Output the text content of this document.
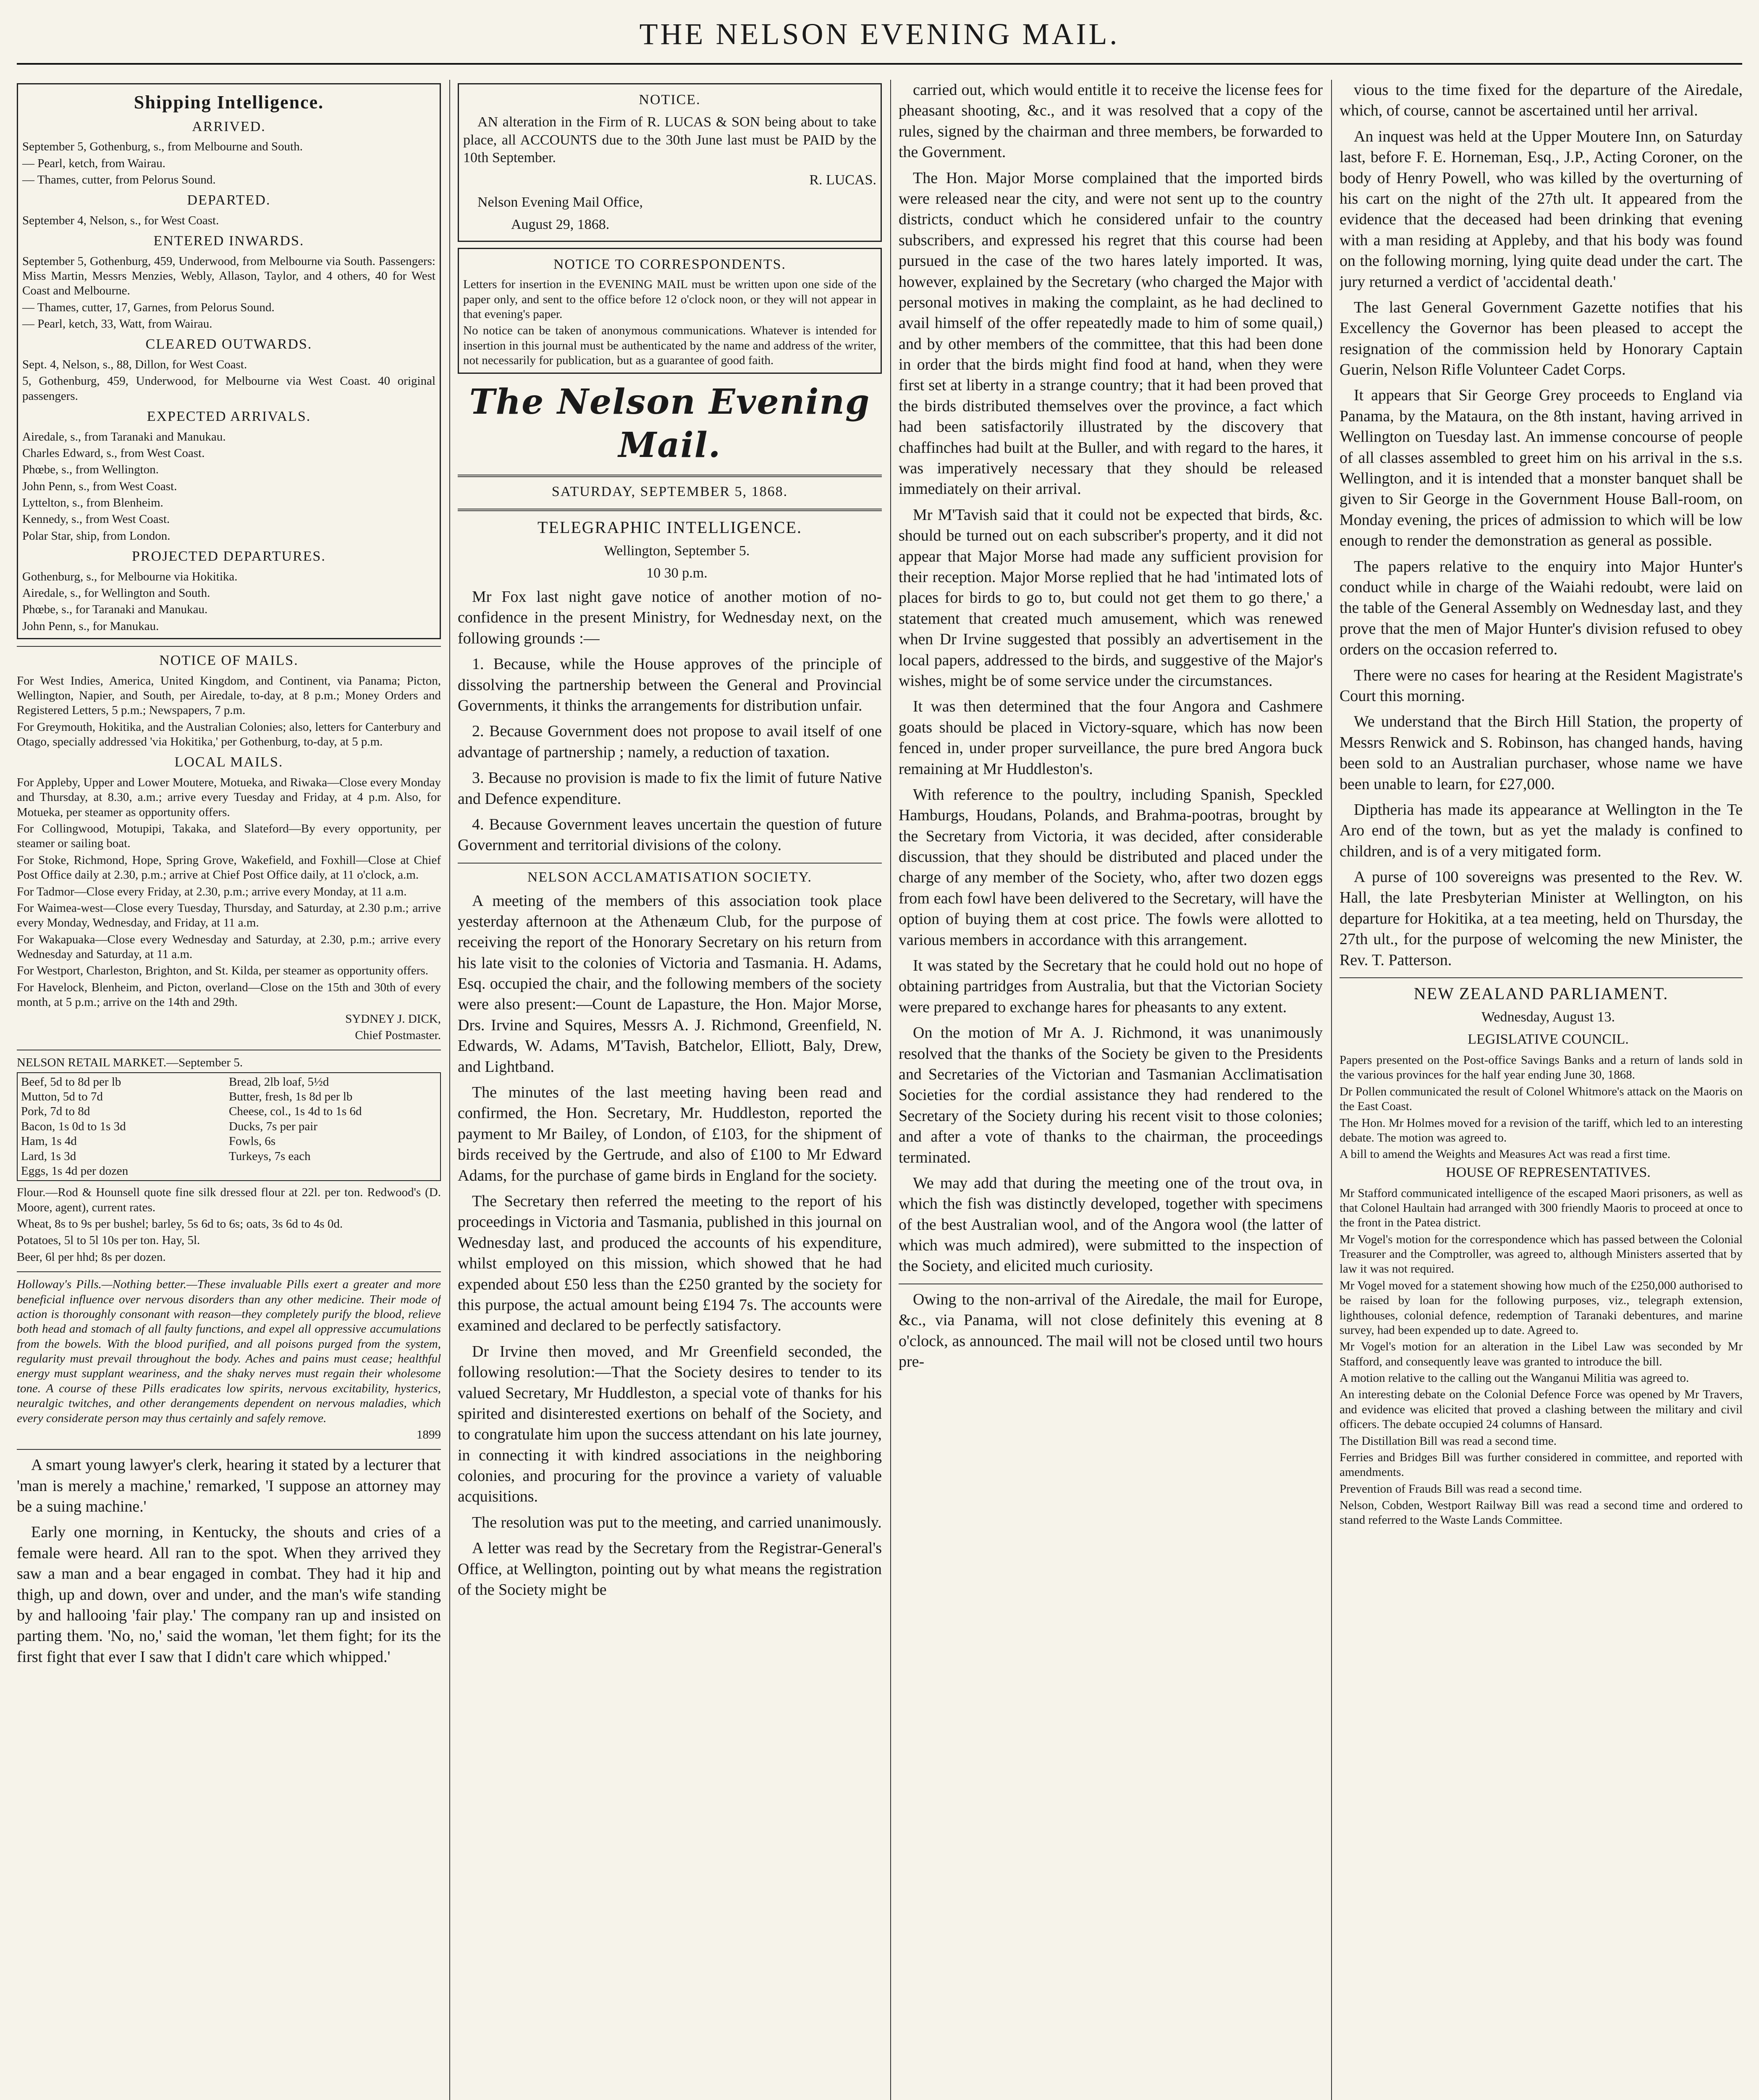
THE NELSON EVENING MAIL.
Shipping Intelligence.
ARRIVED.

September 5, Gothenburg, s., from Melbourne and South.

— Pearl, ketch, from Wairau.

— Thames, cutter, from Pelorus Sound.

DEPARTED.

September 4, Nelson, s., for West Coast.

ENTERED INWARDS.

September 5, Gothenburg, 459, Underwood, from Melbourne via South. Passengers: Miss Martin, Messrs Menzies, Webly, Allason, Taylor, and 4 others, 40 for West Coast and Melbourne.

— Thames, cutter, 17, Garnes, from Pelorus Sound.

— Pearl, ketch, 33, Watt, from Wairau.

CLEARED OUTWARDS.

Sept. 4, Nelson, s., 88, Dillon, for West Coast.

5, Gothenburg, 459, Underwood, for Melbourne via West Coast. 40 original passengers.

EXPECTED ARRIVALS.

Airedale, s., from Taranaki and Manukau.

Charles Edward, s., from West Coast.

Phœbe, s., from Wellington.

John Penn, s., from West Coast.

Lyttelton, s., from Blenheim.

Kennedy, s., from West Coast.

Polar Star, ship, from London.

PROJECTED DEPARTURES.

Gothenburg, s., for Melbourne via Hokitika.

Airedale, s., for Wellington and South.

Phœbe, s., for Taranaki and Manukau.

John Penn, s., for Manukau.

NOTICE OF MAILS.

For West Indies, America, United Kingdom, and Continent, via Panama; Picton, Wellington, Napier, and South, per Airedale, to-day, at 8 p.m.; Money Orders and Registered Letters, 5 p.m.; Newspapers, 7 p.m.

For Greymouth, Hokitika, and the Australian Colonies; also, letters for Canterbury and Otago, specially addressed 'via Hokitika,' per Gothenburg, to-day, at 5 p.m.

LOCAL MAILS.

For Appleby, Upper and Lower Moutere, Motueka, and Riwaka—Close every Monday and Thursday, at 8.30, a.m.; arrive every Tuesday and Friday, at 4 p.m. Also, for Motueka, per steamer as opportunity offers.

For Collingwood, Motupipi, Takaka, and Slateford—By every opportunity, per steamer or sailing boat.

For Stoke, Richmond, Hope, Spring Grove, Wakefield, and Foxhill—Close at Chief Post Office daily at 2.30, p.m.; arrive at Chief Post Office daily, at 11 o'clock, a.m.

For Tadmor—Close every Friday, at 2.30, p.m.; arrive every Monday, at 11 a.m.

For Waimea-west—Close every Tuesday, Thursday, and Saturday, at 2.30 p.m.; arrive every Monday, Wednesday, and Friday, at 11 a.m.

For Wakapuaka—Close every Wednesday and Saturday, at 2.30, p.m.; arrive every Wednesday and Saturday, at 11 a.m.

For Westport, Charleston, Brighton, and St. Kilda, per steamer as opportunity offers.

For Havelock, Blenheim, and Picton, overland—Close on the 15th and 30th of every month, at 5 p.m.; arrive on the 14th and 29th.

SYDNEY J. DICK,

Chief Postmaster.

NELSON RETAIL MARKET.—September 5.

Beef, 5d to 8d per lb	Bread, 2lb loaf, 5½d
Mutton, 5d to 7d	Butter, fresh, 1s 8d per lb
Pork, 7d to 8d	Cheese, col., 1s 4d to 1s 6d
Bacon, 1s 0d to 1s 3d	Ducks, 7s per pair
Ham, 1s 4d	Fowls, 6s
Lard, 1s 3d	Turkeys, 7s each
Eggs, 1s 4d per dozen

Flour.—Rod & Hounsell quote fine silk dressed flour at 22l. per ton. Redwood's (D. Moore, agent), current rates.

Wheat, 8s to 9s per bushel; barley, 5s 6d to 6s; oats, 3s 6d to 4s 0d.

Potatoes, 5l to 5l 10s per ton. Hay, 5l.

Beer, 6l per hhd; 8s per dozen.

Holloway's Pills.—Nothing better.—These invaluable Pills exert a greater and more beneficial influence over nervous disorders than any other medicine. Their mode of action is thoroughly consonant with reason—they completely purify the blood, relieve both head and stomach of all faulty functions, and expel all oppressive accumulations from the bowels. With the blood purified, and all poisons purged from the system, regularity must prevail throughout the body. Aches and pains must cease; healthful energy must supplant weariness, and the shaky nerves must regain their wholesome tone. A course of these Pills eradicates low spirits, nervous excitability, hysterics, neuralgic twitches, and other derangements dependent on nervous maladies, which every considerate person may thus certainly and safely remove.

1899

A smart young lawyer's clerk, hearing it stated by a lecturer that 'man is merely a machine,' remarked, 'I suppose an attorney may be a suing machine.'

Early one morning, in Kentucky, the shouts and cries of a female were heard. All ran to the spot. When they arrived they saw a man and a bear engaged in combat. They had it hip and thigh, up and down, over and under, and the man's wife standing by and hallooing 'fair play.' The company ran up and insisted on parting them. 'No, no,' said the woman, 'let them fight; for its the first fight that ever I saw that I didn't care which whipped.'

NOTICE.

AN alteration in the Firm of R. LUCAS & SON being about to take place, all ACCOUNTS due to the 30th June last must be PAID by the 10th September.

R. LUCAS.

Nelson Evening Mail Office,

August 29, 1868.

NOTICE TO CORRESPONDENTS.

Letters for insertion in the EVENING MAIL must be written upon one side of the paper only, and sent to the office before 12 o'clock noon, or they will not appear in that evening's paper.

No notice can be taken of anonymous communications. Whatever is intended for insertion in this journal must be authenticated by the name and address of the writer, not necessarily for publication, but as a guarantee of good faith.

The Nelson Evening Mail.
SATURDAY, SEPTEMBER 5, 1868.
TELEGRAPHIC INTELLIGENCE.

Wellington, September 5.

10 30 p.m.

Mr Fox last night gave notice of another motion of no-confidence in the present Ministry, for Wednesday next, on the following grounds :—

1. Because, while the House approves of the principle of dissolving the partnership between the General and Provincial Governments, it thinks the arrangements for distribution unfair.

2. Because Government does not propose to avail itself of one advantage of partnership ; namely, a reduction of taxation.

3. Because no provision is made to fix the limit of future Native and Defence expenditure.

4. Because Government leaves uncertain the question of future Government and territorial divisions of the colony.

NELSON ACCLAMATISATION SOCIETY.

A meeting of the members of this association took place yesterday afternoon at the Athenæum Club, for the purpose of receiving the report of the Honorary Secretary on his return from his late visit to the colonies of Victoria and Tasmania. H. Adams, Esq. occupied the chair, and the following members of the society were also present:—Count de Lapasture, the Hon. Major Morse, Drs. Irvine and Squires, Messrs A. J. Richmond, Greenfield, N. Edwards, W. Adams, M'Tavish, Batchelor, Elliott, Baly, Drew, and Lightband.

The minutes of the last meeting having been read and confirmed, the Hon. Secretary, Mr. Huddleston, reported the payment to Mr Bailey, of London, of £103, for the shipment of birds received by the Gertrude, and also of £100 to Mr Edward Adams, for the purchase of game birds in England for the society.

The Secretary then referred the meeting to the report of his proceedings in Victoria and Tasmania, published in this journal on Wednesday last, and produced the accounts of his expenditure, whilst employed on this mission, which showed that he had expended about £50 less than the £250 granted by the society for this purpose, the actual amount being £194 7s. The accounts were examined and declared to be perfectly satisfactory.

Dr Irvine then moved, and Mr Greenfield seconded, the following resolution:—That the Society desires to tender to its valued Secretary, Mr Huddleston, a special vote of thanks for his spirited and disinterested exertions on behalf of the Society, and to congratulate him upon the success attendant on his late journey, in connecting it with kindred associations in the neighboring colonies, and procuring for the province a variety of valuable acquisitions.

The resolution was put to the meeting, and carried unanimously.

A letter was read by the Secretary from the Registrar-General's Office, at Wellington, pointing out by what means the registration of the Society might be

carried out, which would entitle it to receive the license fees for pheasant shooting, &c., and it was resolved that a copy of the rules, signed by the chairman and three members, be forwarded to the Government.

The Hon. Major Morse complained that the imported birds were released near the city, and were not sent up to the country districts, conduct which he considered unfair to the country subscribers, and expressed his regret that this course had been pursued in the case of the two hares lately imported. It was, however, explained by the Secretary (who charged the Major with personal motives in making the complaint, as he had declined to avail himself of the offer repeatedly made to him of some quail,) and by other members of the committee, that this had been done in order that the birds might find food at hand, when they were first set at liberty in a strange country; that it had been proved that the birds distributed themselves over the province, a fact which had been satisfactorily illustrated by the discovery that chaffinches had built at the Buller, and with regard to the hares, it was imperatively necessary that they should be released immediately on their arrival.

Mr M'Tavish said that it could not be expected that birds, &c. should be turned out on each subscriber's property, and it did not appear that Major Morse had made any sufficient provision for their reception. Major Morse replied that he had 'intimated lots of places for birds to go to, but could not get them to go there,' a statement that created much amusement, which was renewed when Dr Irvine suggested that possibly an advertisement in the local papers, addressed to the birds, and suggestive of the Major's wishes, might be of some service under the circumstances.

It was then determined that the four Angora and Cashmere goats should be placed in Victory-square, which has now been fenced in, under proper surveillance, the pure bred Angora buck remaining at Mr Huddleston's.

With reference to the poultry, including Spanish, Speckled Hamburgs, Houdans, Polands, and Brahma-pootras, brought by the Secretary from Victoria, it was decided, after considerable discussion, that they should be distributed and placed under the charge of any member of the Society, who, after two dozen eggs from each fowl have been delivered to the Secretary, will have the option of buying them at cost price. The fowls were allotted to various members in accordance with this arrangement.

It was stated by the Secretary that he could hold out no hope of obtaining partridges from Australia, but that the Victorian Society were prepared to exchange hares for pheasants to any extent.

On the motion of Mr A. J. Richmond, it was unanimously resolved that the thanks of the Society be given to the Presidents and Secretaries of the Victorian and Tasmanian Acclimatisation Societies for the cordial assistance they had rendered to the Secretary of the Society during his recent visit to those colonies; and after a vote of thanks to the chairman, the proceedings terminated.

We may add that during the meeting one of the trout ova, in which the fish was distinctly developed, together with specimens of the best Australian wool, and of the Angora wool (the latter of which was much admired), were submitted to the inspection of the Society, and elicited much curiosity.

Owing to the non-arrival of the Airedale, the mail for Europe, &c., via Panama, will not close definitely this evening at 8 o'clock, as announced. The mail will not be closed until two hours pre-

vious to the time fixed for the departure of the Airedale, which, of course, cannot be ascertained until her arrival.

An inquest was held at the Upper Moutere Inn, on Saturday last, before F. E. Horneman, Esq., J.P., Acting Coroner, on the body of Henry Powell, who was killed by the overturning of his cart on the night of the 27th ult. It appeared from the evidence that the deceased had been drinking that evening with a man residing at Appleby, and that his body was found on the following morning, lying quite dead under the cart. The jury returned a verdict of 'accidental death.'

The last General Government Gazette notifies that his Excellency the Governor has been pleased to accept the resignation of the commission held by Honorary Captain Guerin, Nelson Rifle Volunteer Cadet Corps.

It appears that Sir George Grey proceeds to England via Panama, by the Mataura, on the 8th instant, having arrived in Wellington on Tuesday last. An immense concourse of people of all classes assembled to greet him on his arrival in the s.s. Wellington, and it is intended that a monster banquet shall be given to Sir George in the Government House Ball-room, on Monday evening, the prices of admission to which will be low enough to render the demonstration as general as possible.

The papers relative to the enquiry into Major Hunter's conduct while in charge of the Waiahi redoubt, were laid on the table of the General Assembly on Wednesday last, and they prove that the men of Major Hunter's division refused to obey orders on the occasion referred to.

There were no cases for hearing at the Resident Magistrate's Court this morning.

We understand that the Birch Hill Station, the property of Messrs Renwick and S. Robinson, has changed hands, having been sold to an Australian purchaser, whose name we have been unable to learn, for £27,000.

Diptheria has made its appearance at Wellington in the Te Aro end of the town, but as yet the malady is confined to children, and is of a very mitigated form.

A purse of 100 sovereigns was presented to the Rev. W. Hall, the late Presbyterian Minister at Wellington, on his departure for Hokitika, at a tea meeting, held on Thursday, the 27th ult., for the purpose of welcoming the new Minister, the Rev. T. Patterson.

NEW ZEALAND PARLIAMENT.

Wednesday, August 13.

LEGISLATIVE COUNCIL.

Papers presented on the Post-office Savings Banks and a return of lands sold in the various provinces for the half year ending June 30, 1868.

Dr Pollen communicated the result of Colonel Whitmore's attack on the Maoris on the East Coast.

The Hon. Mr Holmes moved for a revision of the tariff, which led to an interesting debate. The motion was agreed to.

A bill to amend the Weights and Measures Act was read a first time.

HOUSE OF REPRESENTATIVES.

Mr Stafford communicated intelligence of the escaped Maori prisoners, as well as that Colonel Haultain had arranged with 300 friendly Maoris to proceed at once to the front in the Patea district.

Mr Vogel's motion for the correspondence which has passed between the Colonial Treasurer and the Comptroller, was agreed to, although Ministers asserted that by law it was not required.

Mr Vogel moved for a statement showing how much of the £250,000 authorised to be raised by loan for the following purposes, viz., telegraph extension, lighthouses, colonial defence, redemption of Taranaki debentures, and marine survey, had been expended up to date. Agreed to.

Mr Vogel's motion for an alteration in the Libel Law was seconded by Mr Stafford, and consequently leave was granted to introduce the bill.

A motion relative to the calling out the Wanganui Militia was agreed to.

An interesting debate on the Colonial Defence Force was opened by Mr Travers, and evidence was elicited that proved a clashing between the military and civil officers. The debate occupied 24 columns of Hansard.

The Distillation Bill was read a second time.

Ferries and Bridges Bill was further considered in committee, and reported with amendments.

Prevention of Frauds Bill was read a second time.

Nelson, Cobden, Westport Railway Bill was read a second time and ordered to stand referred to the Waste Lands Committee.
